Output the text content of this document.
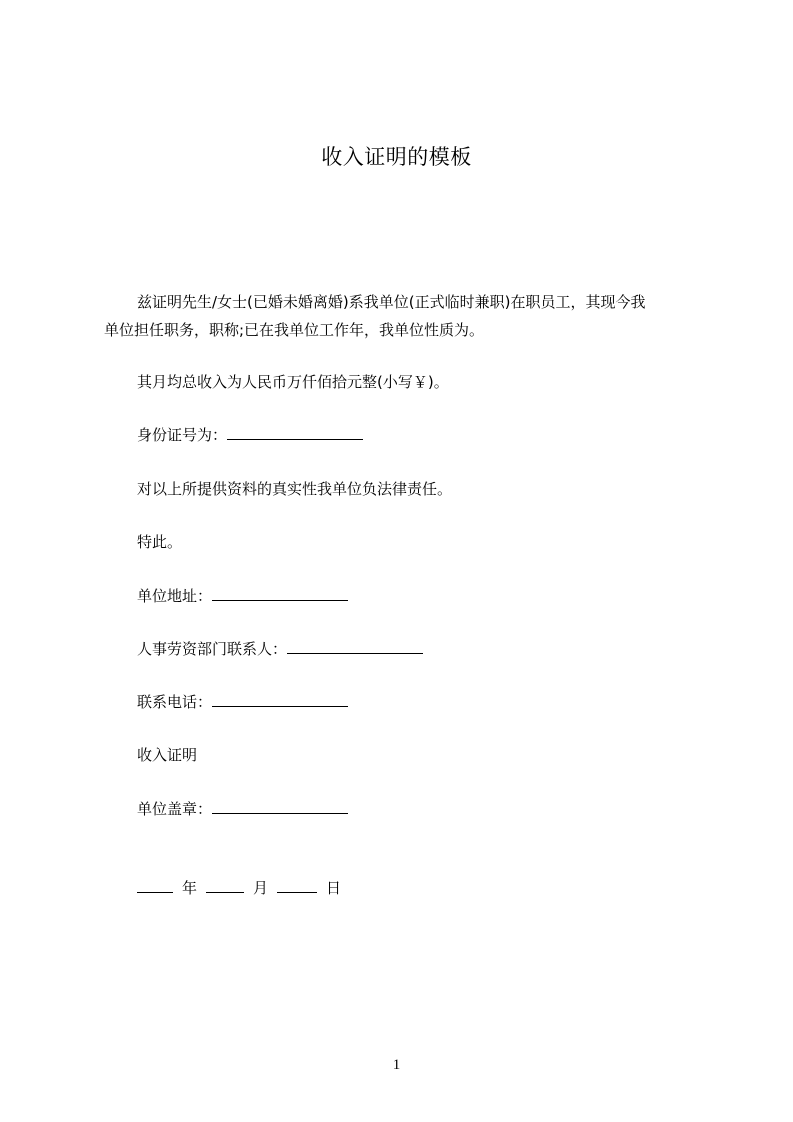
收入证明的模板

兹证明先生/女士(已婚未婚离婚)系我单位(正式临时兼职)在职员工，其现今我

单位担任职务，职称;已在我单位工作年，我单位性质为。

其月均总收入为人民币万仟佰拾元整(小写￥)。

身份证号为：

对以上所提供资料的真实性我单位负法律责任。

特此。

单位地址：
人事劳资部门联系人：
联系电话：

收入证明

单位盖章：
年	月	日
1
